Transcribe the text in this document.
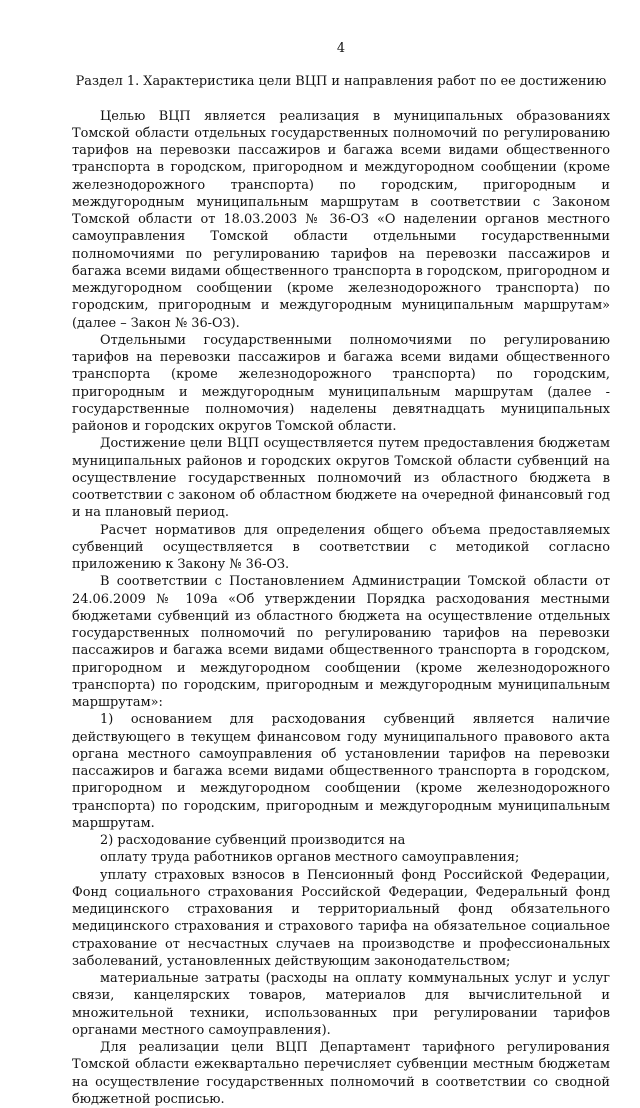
4
Раздел 1. Характеристика цели ВЦП и направления работ по ее достижению

Целью ВЦП является реализация в муниципальных образованиях Томской области отдельных государственных полномочий по регулированию тарифов на перевозки пассажиров и багажа всеми видами общественного транспорта в городском, пригородном и междугородном сообщении (кроме железнодорожного транспорта) по городским, пригородным и междугородным муниципальным маршрутам в соответствии с Законом Томской области от 18.03.2003 № 36-ОЗ «О наделении органов местного самоуправления Томской области отдельными государственными полномочиями по регулированию тарифов на перевозки пассажиров и багажа всеми видами общественного транспорта в городском, пригородном и междугородном сообщении (кроме железнодорожного транспорта) по городским, пригородным и междугородным муниципальным маршрутам» (далее – Закон № 36-ОЗ).

Отдельными государственными полномочиями по регулированию тарифов на перевозки пассажиров и багажа всеми видами общественного транспорта (кроме железнодорожного транспорта) по городским, пригородным и междугородным муниципальным маршрутам (далее - государственные полномочия) наделены девятнадцать муниципальных районов и городских округов Томской области.

Достижение цели ВЦП осуществляется путем предоставления бюджетам муниципальных районов и городских округов Томской области субвенций на осуществление государственных полномочий из областного бюджета в соответствии с законом об областном бюджете на очередной финансовый год и на плановый период.

Расчет нормативов для определения общего объема предоставляемых субвенций осуществляется в соответствии с методикой согласно приложению к Закону № 36-ОЗ.

В соответствии с Постановлением Администрации Томской области от 24.06.2009 № 109а «Об утверждении Порядка расходования местными бюджетами субвенций из областного бюджета на осуществление отдельных государственных полномочий по регулированию тарифов на перевозки пассажиров и багажа всеми видами общественного транспорта в городском, пригородном и междугородном сообщении (кроме железнодорожного транспорта) по городским, пригородным и междугородным муниципальным маршрутам»:

1) основанием для расходования субвенций является наличие действующего в текущем финансовом году муниципального правового акта органа местного самоуправления об установлении тарифов на перевозки пассажиров и багажа всеми видами общественного транспорта в городском, пригородном и междугородном сообщении (кроме железнодорожного транспорта) по городским, пригородным и междугородным муниципальным маршрутам.

2) расходование субвенций производится на

оплату труда работников органов местного самоуправления;

уплату страховых взносов в Пенсионный фонд Российской Федерации, Фонд социального страхования Российской Федерации, Федеральный фонд медицинского страхования и территориальный фонд обязательного медицинского страхования и страхового тарифа на обязательное социальное страхование от несчастных случаев на производстве и профессиональных заболеваний, установленных действующим законодательством;

материальные затраты (расходы на оплату коммунальных услуг и услуг связи, канцелярских товаров, материалов для вычислительной и множительной техники, использованных при регулировании тарифов органами местного самоуправления).

Для реализации цели ВЦП Департамент тарифного регулирования Томской области ежеквартально перечисляет субвенции местным бюджетам на осуществление государственных полномочий в соответствии со сводной бюджетной росписью.
